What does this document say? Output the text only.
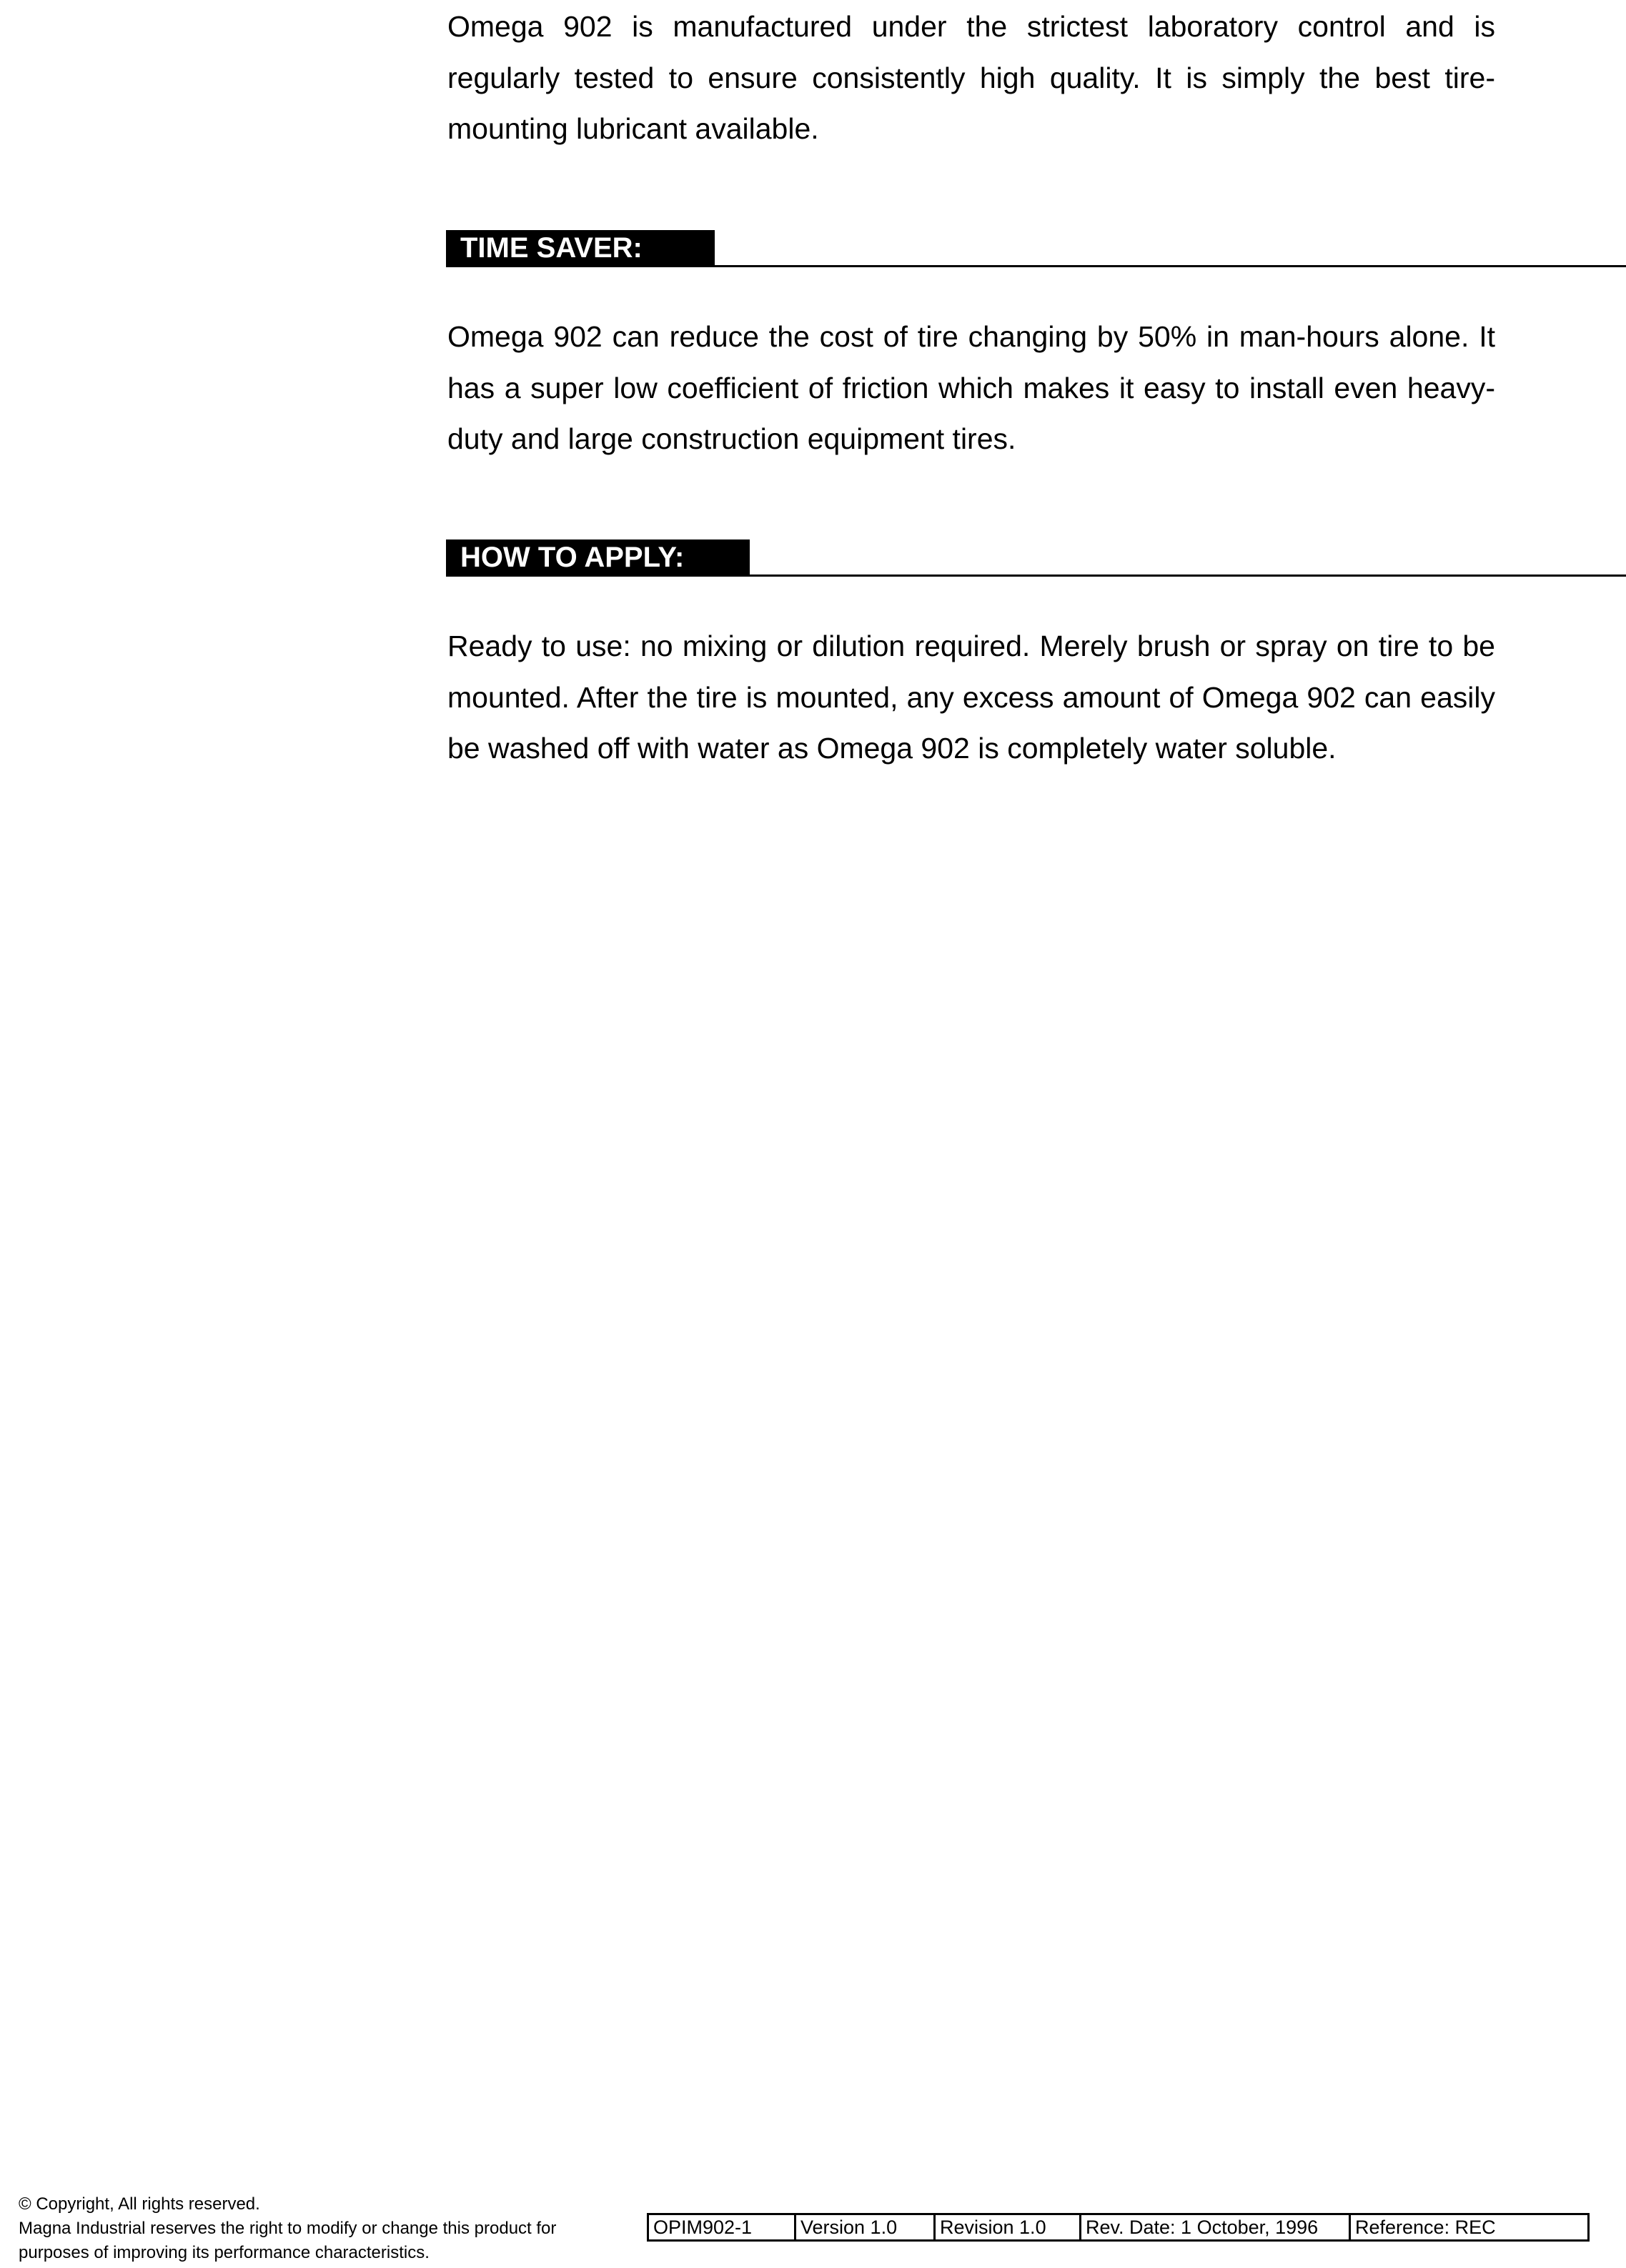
Omega 902 is manufactured under the strictest laboratory control and is regularly tested to ensure consistently high quality. It is simply the best tire-mounting lubricant available.

TIME SAVER:

Omega 902 can reduce the cost of tire changing by 50% in man-hours alone. It has a super low coefficient of friction which makes it easy to install even heavy-duty and large construction equipment tires.

HOW TO APPLY:

Ready to use: no mixing or dilution required. Merely brush or spray on tire to be mounted. After the tire is mounted, any excess amount of Omega 902 can easily be washed off with water as Omega 902 is completely water soluble.

© Copyright, All rights reserved.
Magna Industrial reserves the right to modify or change this product for
purposes of improving its performance characteristics.
OPIM902-1	Version 1.0	Revision 1.0	Rev. Date: 1 October, 1996	Reference: REC
